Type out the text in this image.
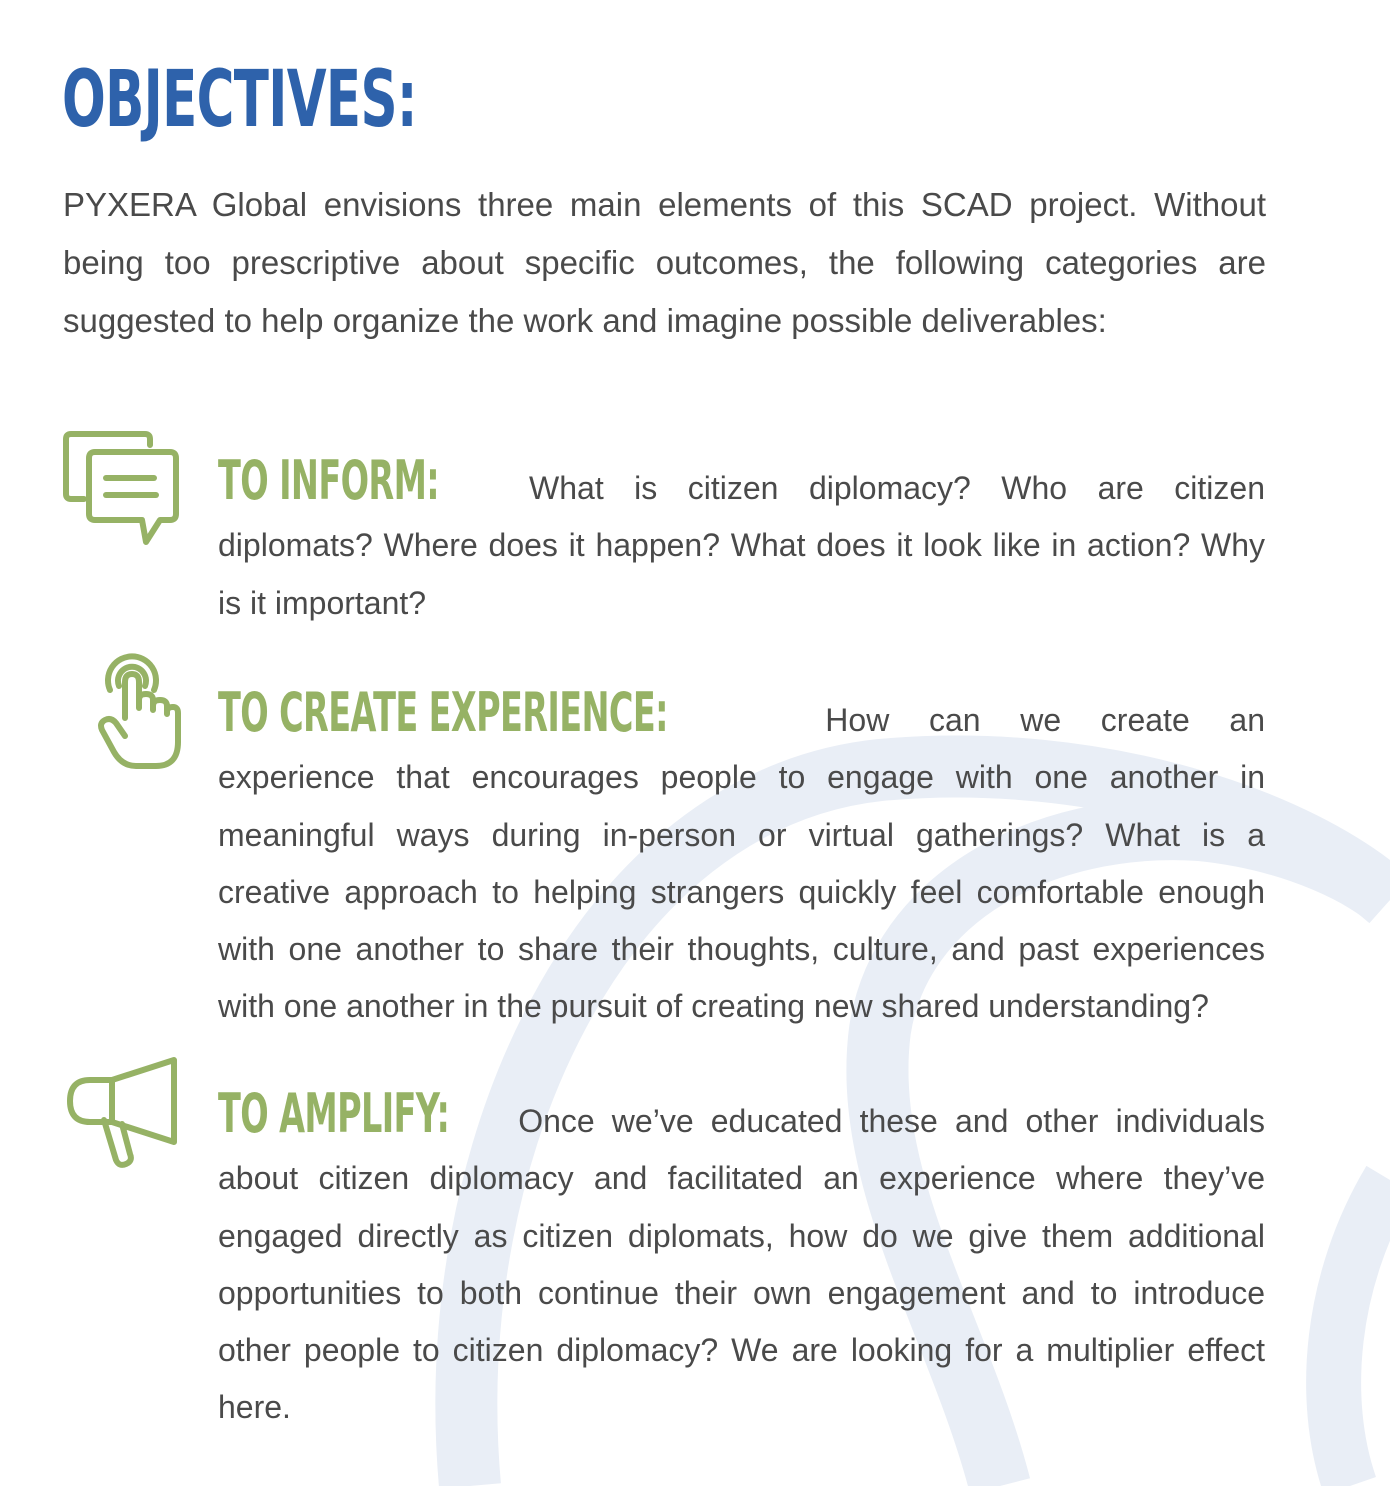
OBJECTIVES:

PYXERA Global envisions three main elements of this SCAD project. Without being too prescriptive about specific outcomes, the following categories are suggested to help organize the work and imagine possible deliverables:

TO INFORM:	What is citizen diplomacy? Who are citizen diplomats? Where does it happen? What does it look like in action? Why is it important?

TO CREATE EXPERIENCE:	How can we create an experience that encourages people to engage with one another in meaningful ways during in-person or virtual gatherings? What is a creative approach to helping strangers quickly feel comfortable enough with one another to share their thoughts, culture, and past experiences with one another in the pursuit of creating new shared understanding?

TO AMPLIFY: Once we’ve educated these and other individuals about citizen diplomacy and facilitated an experience where they’ve engaged directly as citizen diplomats, how do we give them additional opportunities to both continue their own engagement and to introduce other people to citizen diplomacy? We are looking for a multiplier effect here.
